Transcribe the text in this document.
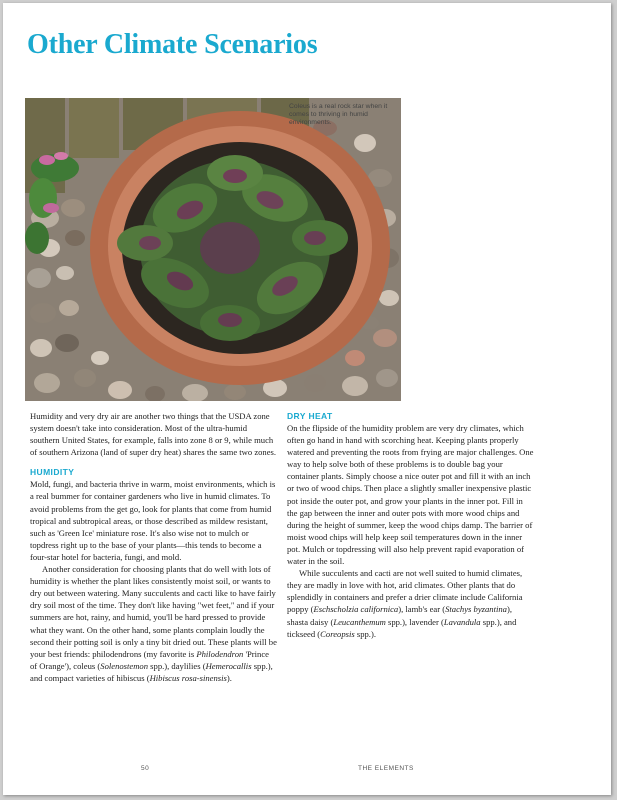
Other Climate Scenarios
Coleus is a real rock star when it comes to thriving in humid environments.

Humidity and very dry air are another two things that the USDA zone system doesn't take into consideration. Most of the ultra-humid southern United States, for example, falls into zone 8 or 9, while much of southern Arizona (land of super dry heat) shares the same two zones.

HUMIDITY

Mold, fungi, and bacteria thrive in warm, moist environments, which is a real bummer for container gardeners who live in humid climates. To avoid problems from the get go, look for plants that come from humid tropical and subtropical areas, or those described as mildew resistant, such as 'Green Ice' miniature rose. It's also wise not to mulch or topdress right up to the base of your plants—this tends to become a four-star hotel for bacteria, fungi, and mold.

Another consideration for choosing plants that do well with lots of humidity is whether the plant likes consistently moist soil, or wants to dry out between watering. Many succulents and cacti like to have fairly dry soil most of the time. They don't like having "wet feet," and if your summers are hot, rainy, and humid, you'll be hard pressed to provide what they want. On the other hand, some plants complain loudly the second their potting soil is only a tiny bit dried out. These plants will be your best friends: philodendrons (my favorite is Philodendron 'Prince of Orange'), coleus (Solenostemon spp.), daylilies (Hemerocallis spp.), and compact varieties of hibiscus (Hibiscus rosa-sinensis).

DRY HEAT

On the flipside of the humidity problem are very dry climates, which often go hand in hand with scorching heat. Keeping plants properly watered and preventing the roots from frying are major challenges. One way to help solve both of these problems is to double bag your container plants. Simply choose a nice outer pot and fill it with an inch or two of wood chips. Then place a slightly smaller inexpensive plastic pot inside the outer pot, and grow your plants in the inner pot. Fill in the gap between the inner and outer pots with more wood chips and during the height of summer, keep the wood chips damp. The barrier of moist wood chips will help keep soil temperatures down in the inner pot. Mulch or topdressing will also help prevent rapid evaporation of water in the soil.

While succulents and cacti are not well suited to humid climates, they are madly in love with hot, arid climates. Other plants that do splendidly in containers and prefer a drier climate include California poppy (Eschscholzia californica), lamb's ear (Stachys byzantina), shasta daisy (Leucanthemum spp.), lavender (Lavandula spp.), and tickseed (Coreopsis spp.).

50	THE ELEMENTS
